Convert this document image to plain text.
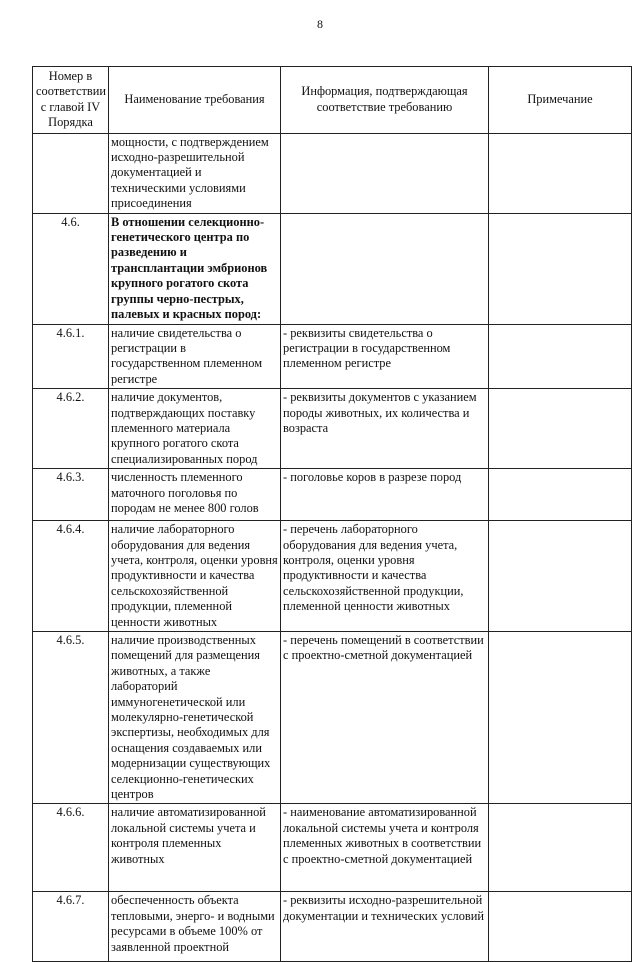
8
Номер в соответствии с главой IV Порядка	Наименование требования	Информация, подтверждающая соответствие требованию	Примечание
	мощности, с подтверждением исходно-разрешительной документацией и техническими условиями присоединения		
4.6.	В отношении селекционно-генетического центра по разведению и трансплантации эмбрионов крупного рогатого скота группы черно-пестрых, палевых и красных пород:		
4.6.1.	наличие свидетельства о регистрации в государственном племенном регистре	- реквизиты свидетельства о регистрации в государственном племенном регистре	
4.6.2.	наличие документов, подтверждающих поставку племенного материала крупного рогатого скота специализированных пород	- реквизиты документов с указанием породы животных, их количества и возраста	
4.6.3.	численность племенного маточного поголовья по породам не менее 800 голов	- поголовье коров в разрезе пород	
4.6.4.	наличие лабораторного оборудования для ведения учета, контроля, оценки уровня продуктивности и качества сельскохозяйственной продукции, племенной ценности животных	- перечень лабораторного оборудования для ведения учета, контроля, оценки уровня продуктивности и качества сельскохозяйственной продукции, племенной ценности животных	
4.6.5.	наличие производственных помещений для размещения животных, а также лабораторий иммуногенетической или молекулярно-генетической экспертизы, необходимых для оснащения создаваемых или модернизации существующих селекционно-генетических центров	- перечень помещений в соответствии с проектно-сметной документацией	
4.6.6.	наличие автоматизированной локальной системы учета и контроля племенных животных	- наименование автоматизированной локальной системы учета и контроля племенных животных в соответствии с проектно-сметной документацией	
4.6.7.	обеспеченность объекта тепловыми, энерго- и водными ресурсами в объеме 100% от заявленной проектной	- реквизиты исходно-разрешительной документации и технических условий	
